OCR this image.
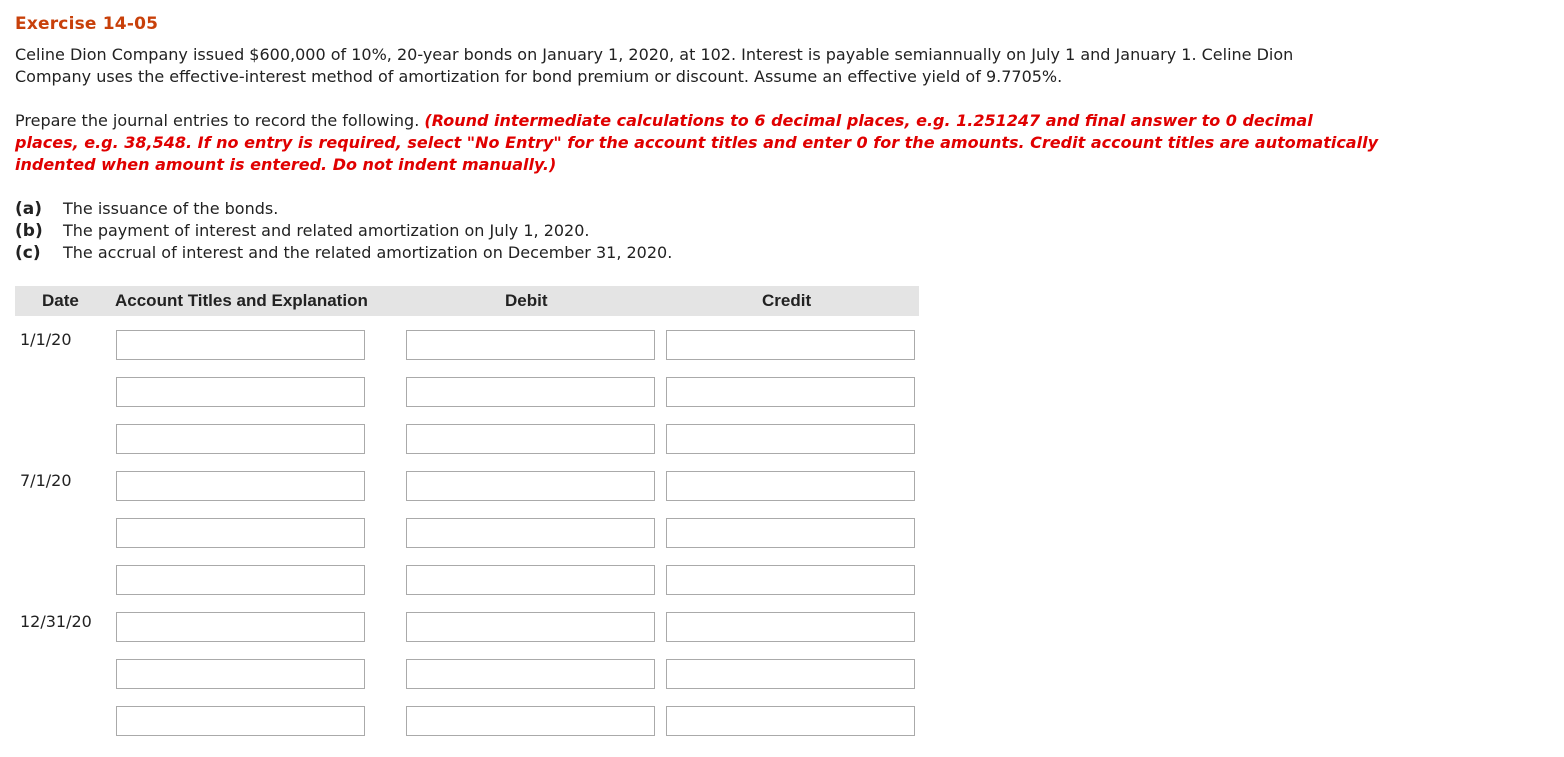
Exercise 14-05
Celine Dion Company issued $600,000 of 10%, 20-year bonds on January 1, 2020, at 102. Interest is payable semiannually on July 1 and January 1. Celine Dion
Company uses the effective-interest method of amortization for bond premium or discount. Assume an effective yield of 9.7705%.
Prepare the journal entries to record the following. (Round intermediate calculations to 6 decimal places, e.g. 1.251247 and final answer to 0 decimal
places, e.g. 38,548. If no entry is required, select "No Entry" for the account titles and enter 0 for the amounts. Credit account titles are automatically
indented when amount is entered. Do not indent manually.)
(a) The issuance of the bonds.
(b) The payment of interest and related amortization on July 1, 2020.
(c) The accrual of interest and the related amortization on December 31, 2020.
Date Account Titles and Explanation	Debit	Credit
1/1/20
7/1/20
12/31/20
